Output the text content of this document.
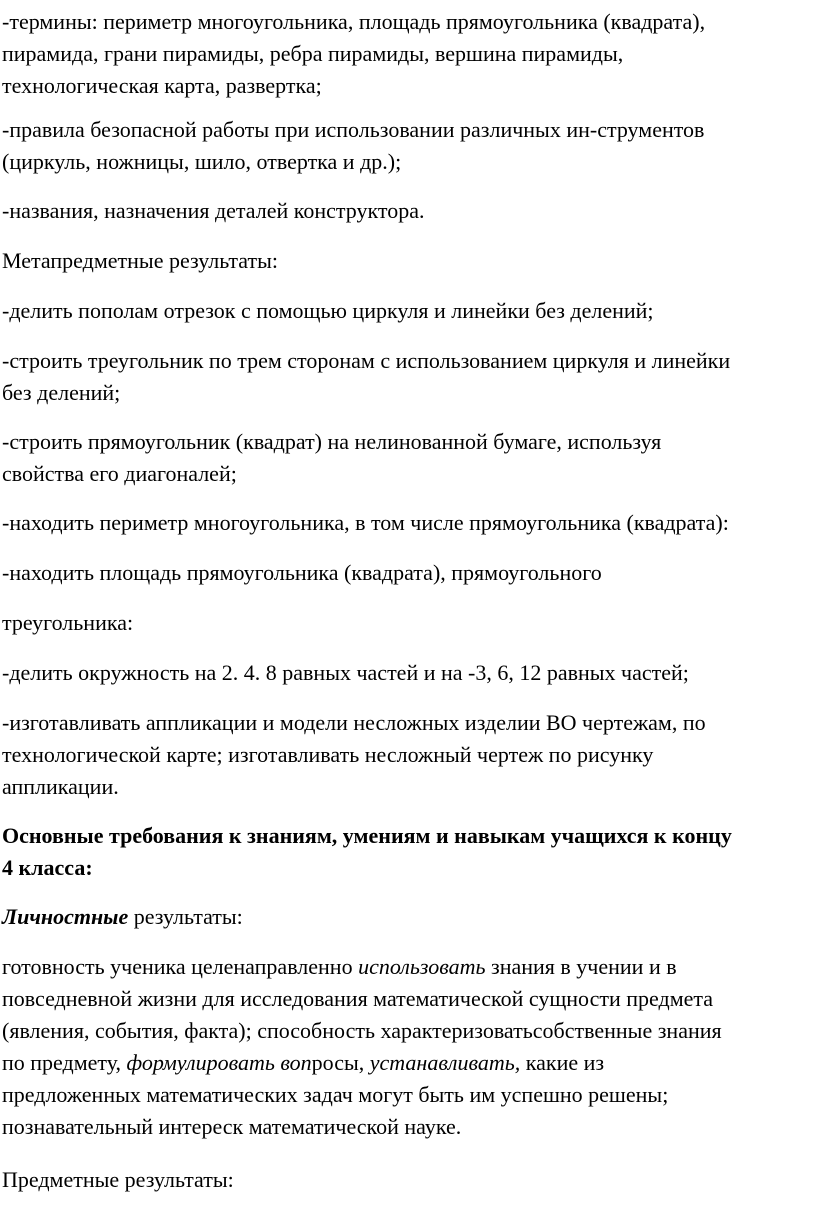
-термины: периметр многоугольника, площадь прямоугольника (квадрата),
пирамида, грани пирамиды, ребра пирамиды, вершина пирамиды,
технологическая карта, развертка;

-правила безопасной работы при использовании различных ин-струментов
(циркуль, ножницы, шило, отвертка и др.);

-названия, назначения деталей конструктора.

Метапредметные результаты:

-делить пополам отрезок с помощью циркуля и линейки без делений;

-строить треугольник по трем сторонам с использованием циркуля и линейки
без делений;

-строить прямоугольник (квадрат) на нелинованной бумаге, используя
свойства его диагоналей;

-находить периметр многоугольника, в том числе прямоугольника (квадрата):

-находить площадь прямоугольника (квадрата), прямоугольного

треугольника:

-делить окружность на 2. 4. 8 равных частей и на -3, 6, 12 равных частей;

-изготавливать аппликации и модели несложных изделии ВО чертежам, по
технологической карте; изготавливать несложный чертеж по рисунку
аппликации.

Основные требования к знаниям, умениям и навыкам учащихся к концу
4 класса:

Личностные результаты:

готовность ученика целенаправленно использовать знания в учении и в
повседневной жизни для исследования математической сущности предмета
(явления, события, факта); способность характеризоватьсобственные знания
по предмету, формулировать вопросы, устанавливать, какие из
предложенных математических задач могут быть им успешно решены;
познавательный интереск математической науке.

Предметные результаты:
